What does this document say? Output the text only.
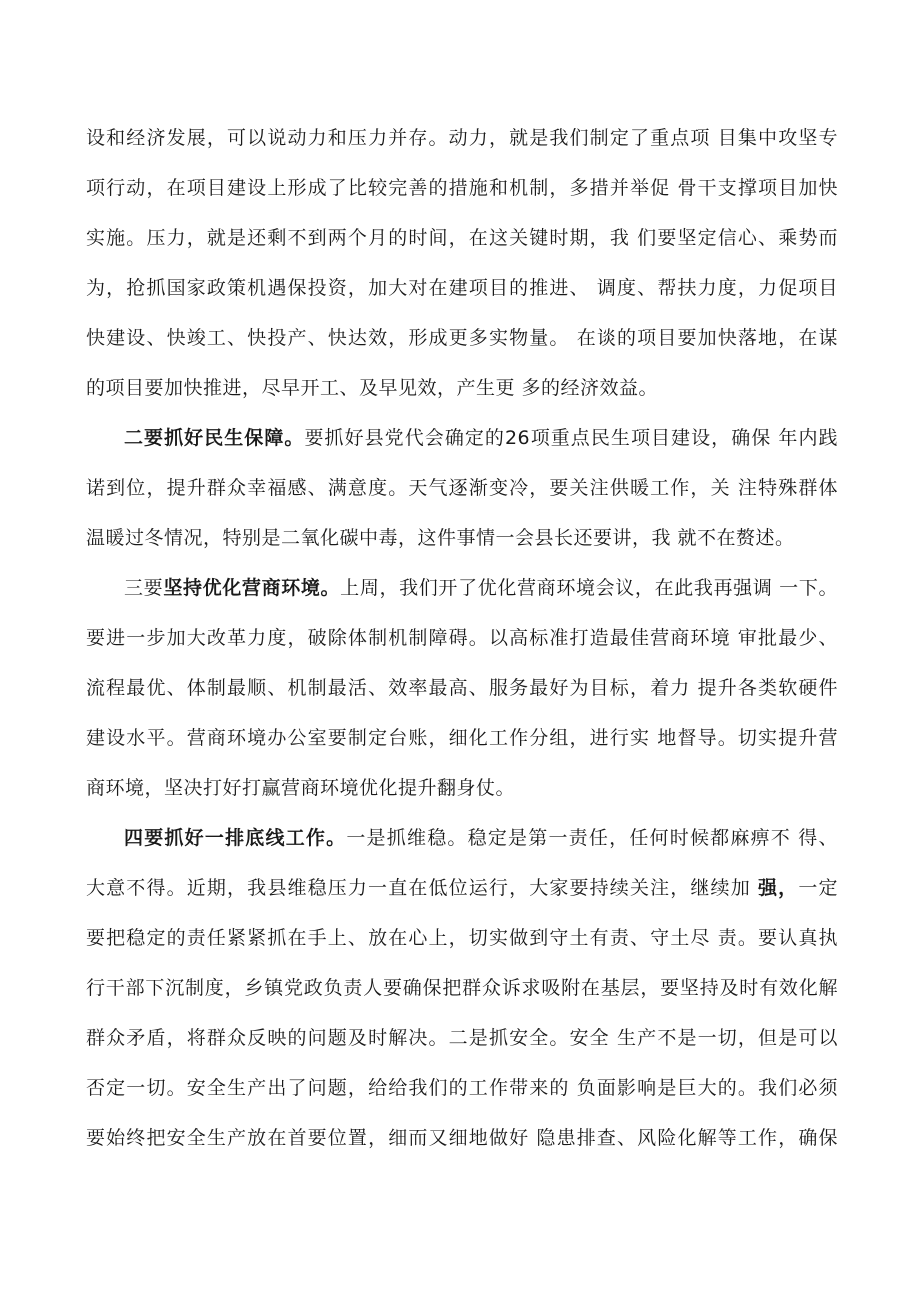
设和经济发展，可以说动力和压力并存。动力，就是我们制定了重点项 目集中攻坚专
项行动，在项目建设上形成了比较完善的措施和机制，多措并举促 骨干支撑项目加快
实施。压力，就是还剩不到两个月的时间，在这关键时期，我 们要坚定信心、乘势而
为，抢抓国家政策机遇保投资，加大对在建项目的推进、 调度、帮扶力度，力促项目
快建设、快竣工、快投产、快达效，形成更多实物量。 在谈的项目要加快落地，在谋
的项目要加快推进，尽早开工、及早见效，产生更 多的经济效益。
二要抓好民生保障。要抓好县党代会确定的26项重点民生项目建设，确保 年内践
诺到位，提升群众幸福感、满意度。天气逐渐变冷，要关注供暖工作，关 注特殊群体
温暖过冬情况，特别是二氧化碳中毒，这件事情一会县长还要讲，我 就不在赘述。
三要坚持优化营商环境。上周，我们开了优化营商环境会议，在此我再强调 一下。
要进一步加大改革力度，破除体制机制障碍。以高标准打造最佳营商环境 审批最少、
流程最优、体制最顺、机制最活、效率最高、服务最好为目标，着力 提升各类软硬件
建设水平。营商环境办公室要制定台账，细化工作分组，进行实 地督导。切实提升营
商环境，坚决打好打赢营商环境优化提升翻身仗。
四要抓好一排底线工作。一是抓维稳。稳定是第一责任，任何时候都麻痹不 得、
大意不得。近期，我县维稳压力一直在低位运行，大家要持续关注，继续加 强，一定
要把稳定的责任紧紧抓在手上、放在心上，切实做到守土有责、守土尽 责。要认真执
行干部下沉制度，乡镇党政负责人要确保把群众诉求吸附在基层，要坚持及时有效化解
群众矛盾，将群众反映的问题及时解决。二是抓安全。安全 生产不是一切，但是可以
否定一切。安全生产出了问题，给给我们的工作带来的 负面影响是巨大的。我们必须
要始终把安全生产放在首要位置，细而又细地做好 隐患排查、风险化解等工作，确保
